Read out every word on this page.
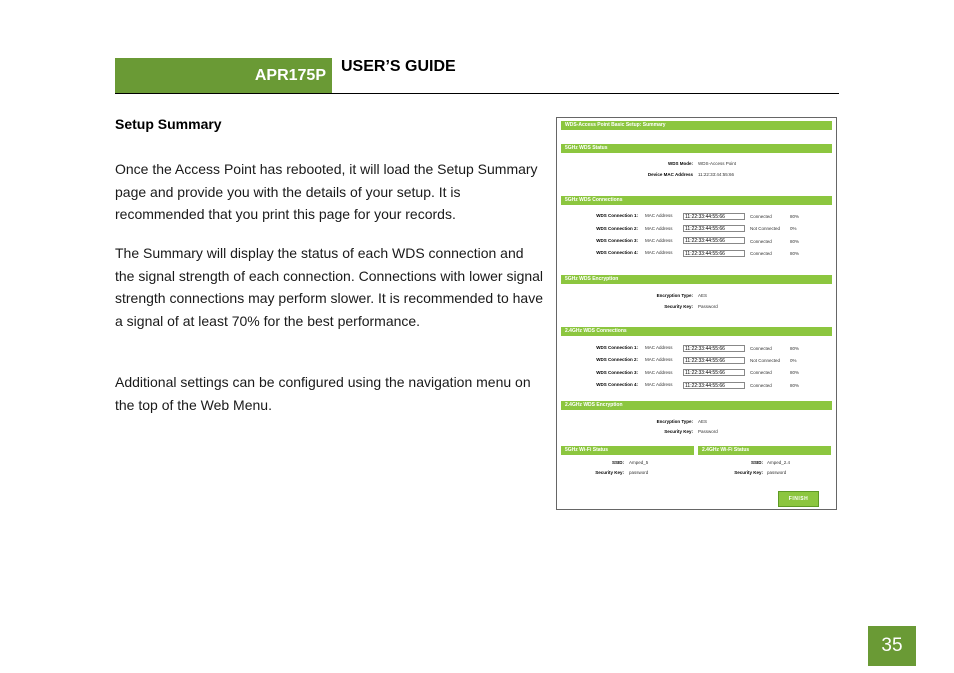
APR175P
USER’S GUIDE
Setup Summary

Once the Access Point has rebooted, it will load the Setup Summary page and provide you with the details of your setup. It is recommended that you print this page for your records.

The Summary will display the status of each WDS connection and the signal strength of each connection. Connections with lower signal strength connections may perform slower. It is recommended to have a signal of at least 70% for the best performance.

Additional settings can be configured using the navigation menu on the top of the Web Menu.

WDS-Access Point Basic Setup: Summary
5GHz WDS Status
WDS Mode: WDS-Access Point
Device MAC Address 11:22:33:44:55:66
5GHz WDS Connections
WDS Connection 1: MAC Address	11:22:33:44:55:66	Connected	80%
WDS Connection 2: MAC Address	11:22:33:44:55:66	Not Connected 0%
WDS Connection 3: MAC Address	11:22:33:44:55:66	Connected	80%
WDS Connection 4: MAC Address	11:22:33:44:55:66	Connected	80%
5GHz WDS Encryption
Encryption Type: AES
Security Key: Password
2.4GHz WDS Connections
WDS Connection 1: MAC Address	11:22:33:44:55:66	Connected	80%
WDS Connection 2: MAC Address	11:22:33:44:55:66	Not Connected 0%
WDS Connection 3: MAC Address	11:22:33:44:55:66	Connected	80%
WDS Connection 4: MAC Address	11:22:33:44:55:66	Connected	80%
2.4GHz WDS Encryption
Encryption Type: AES
Security Key: Password
5GHz Wi-Fi Status	2.4GHz Wi-Fi Status
SSID: Amped_5
Security Key: password
SSID: Amped_2.4
Security Key: password
FINISH
35
